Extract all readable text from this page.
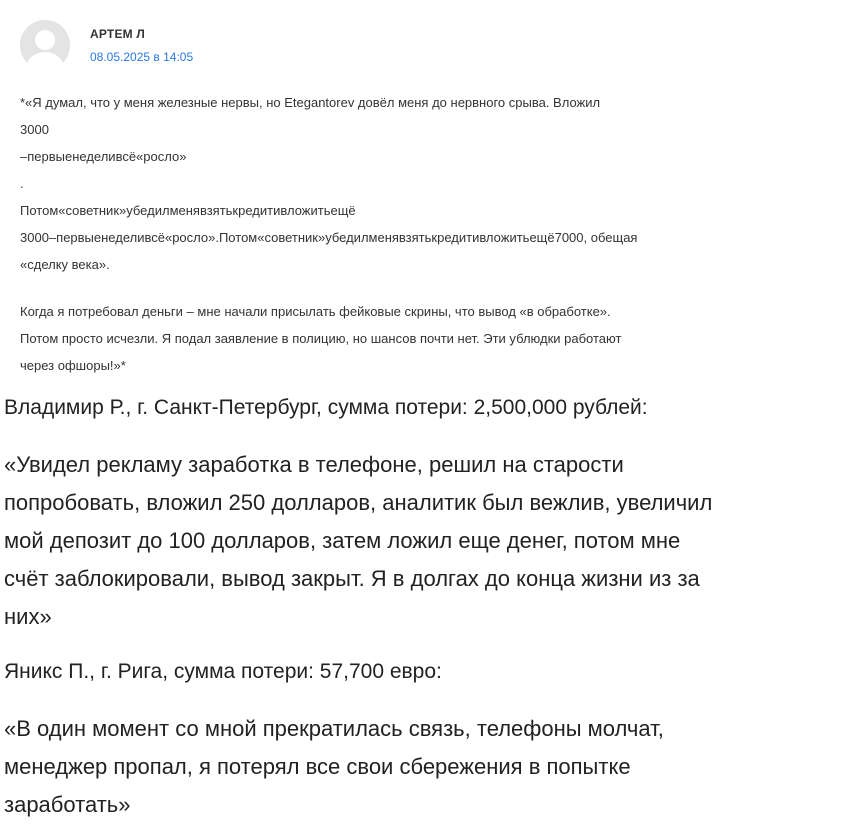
АРТЕМ Л
08.05.2025 в 14:05
*«Я думал, что у меня железные нервы, но Etegantorev довёл меня до нервного срыва. Вложил
3000
–первыенеделивсё«росло»
.
Потом«советник»убедилменявзятькредитивложитьещё
3000–первыенеделивсё«росло».Потом«советник»убедилменявзятькредитивложитьещё7000, обещая
«сделку века».
Когда я потребовал деньги – мне начали присылать фейковые скрины, что вывод «в обработке».
Потом просто исчезли. Я подал заявление в полицию, но шансов почти нет. Эти ублюдки работают
через офшоры!»*
Владимир Р., г. Санкт-Петербург, сумма потери: 2,500,000 рублей:
«Увидел рекламу заработка в телефоне, решил на старости
попробовать, вложил 250 долларов, аналитик был вежлив, увеличил
мой депозит до 100 долларов, затем ложил еще денег, потом мне
счёт заблокировали, вывод закрыт. Я в долгах до конца жизни из за
них»
Яникс П., г. Рига, сумма потери: 57,700 евро:
«В один момент со мной прекратилась связь, телефоны молчат,
менеджер пропал, я потерял все свои сбережения в попытке
заработать»
